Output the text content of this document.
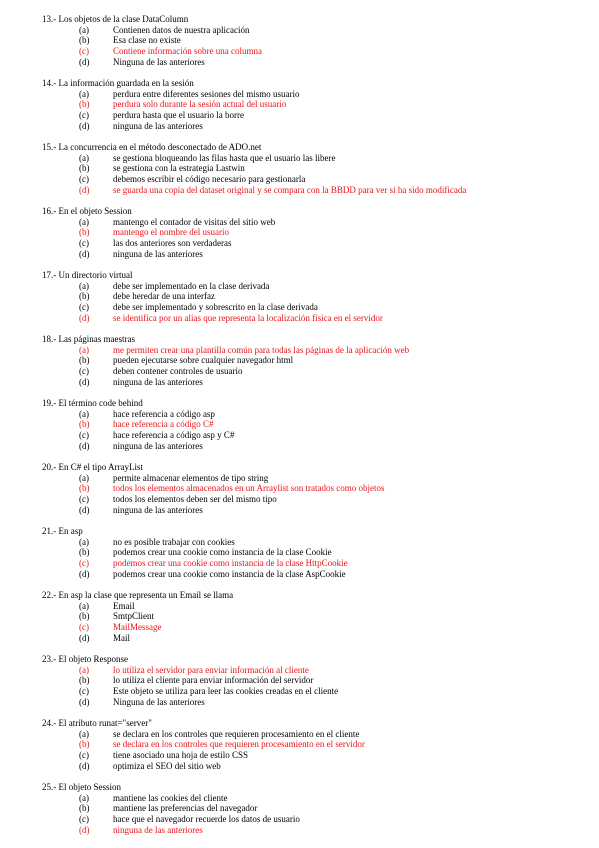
13.- Los objetos de la clase DataColumn
(a)	Contienen datos de nuestra aplicación
(b)	Esa clase no existe
(c)	Contiene información sobre una columna
(d)	Ninguna de las anteriores
14.- La información guardada en la sesión
(a)	perdura entre diferentes sesiones del mismo usuario
(b)	perdura solo durante la sesión actual del usuario
(c)	perdura hasta que el usuario la borre
(d)	ninguna de las anteriores
15.- La concurrencia en el método desconectado de ADO.net
(a)	se gestiona bloqueando las filas hasta que el usuario las libere
(b)	se gestiona con la estrategia Lastwin
(c)	debemos escribir el código necesario para gestionarla
(d)	se guarda una copia del dataset original y se compara con la BBDD para ver si ha sido modificada
16.- En el objeto Session
(a)	mantengo el contador de visitas del sitio web
(b)	mantengo el nombre del usuario
(c)	las dos anteriores son verdaderas
(d)	ninguna de las anteriores
17.- Un directorio virtual
(a)	debe ser implementado en la clase derivada
(b)	debe heredar de una interfaz
(c)	debe ser implementado y sobrescrito en la clase derivada
(d)	se identifica por un alias que representa la localización física en el servidor
18.- Las páginas maestras
(a)	me permiten crear una plantilla común para todas las páginas de la aplicación web
(b)	pueden ejecutarse sobre cualquier navegador html
(c)	deben contener controles de usuario
(d)	ninguna de las anteriores
19.- El término code behind
(a)	hace referencia a código asp
(b)	hace referencia a código C#
(c)	hace referencia a código asp y C#
(d)	ninguna de las anteriores
20.- En C# el tipo ArrayList
(a)	permite almacenar elementos de tipo string
(b)	todos los elementos almacenados en un Arraylist son tratados como objetos
(c)	todos los elementos deben ser del mismo tipo
(d)	ninguna de las anteriores
21.- En asp
(a)	no es posible trabajar con cookies
(b)	podemos crear una cookie como instancia de la clase Cookie
(c)	podemos crear una cookie como instancia de la clase HttpCookie
(d)	podemos crear una cookie como instancia de la clase AspCookie
22.- En asp la clase que representa un Email se llama
(a)	Email
(b)	SmtpClient
(c)	MailMessage
(d)	Mail
23.- El objeto Response
(a)	lo utiliza el servidor para enviar información al cliente
(b)	lo utiliza el cliente para enviar información del servidor
(c)	Este objeto se utiliza para leer las cookies creadas en el cliente
(d)	Ninguna de las anteriores
24.- El atributo runat="server"
(a)	se declara en los controles que requieren procesamiento en el cliente
(b)	se declara en los controles que requieren procesamiento en el servidor
(c)	tiene asociado una hoja de estilo CSS
(d)	optimiza el SEO del sitio web
25.- El objeto Session
(a)	mantiene las cookies del cliente
(b)	mantiene las preferencias del navegador
(c)	hace que el navegador recuerde los datos de usuario
(d)	ninguna de las anteriores
